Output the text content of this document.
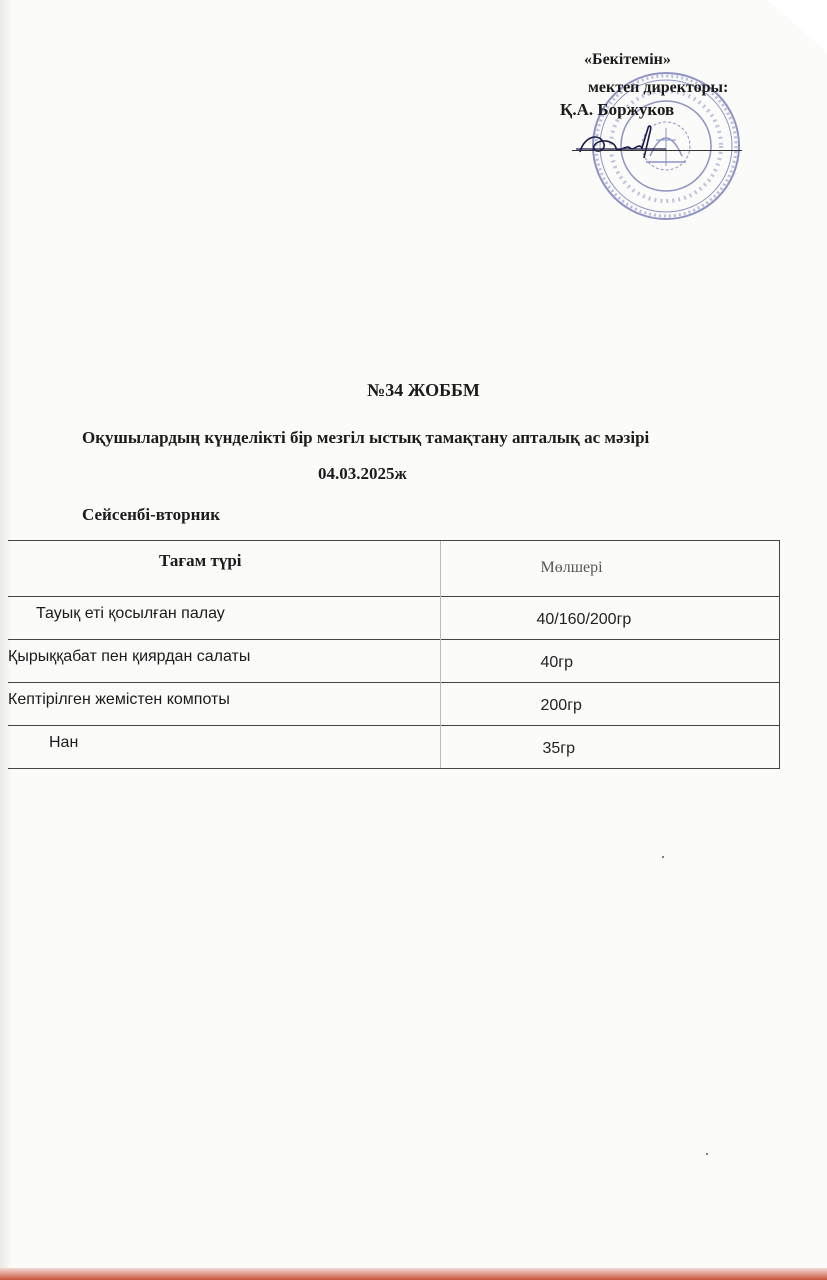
«Бекітемін»
мектеп директоры:
Қ.А. Боржуков
№34 ЖОББМ
Оқушылардың күнделікті бір мезгіл ыстық тамақтану апталық ас мәзірі
04.03.2025ж
Сейсенбі-вторник
Тағам түрі	Мөлшері
Тауық еті қосылған палау	40/160/200гр
Қырыққабат пен қиярдан салаты	40гр
Кептірілген жемістен компоты	200гр
Нан	35гр
